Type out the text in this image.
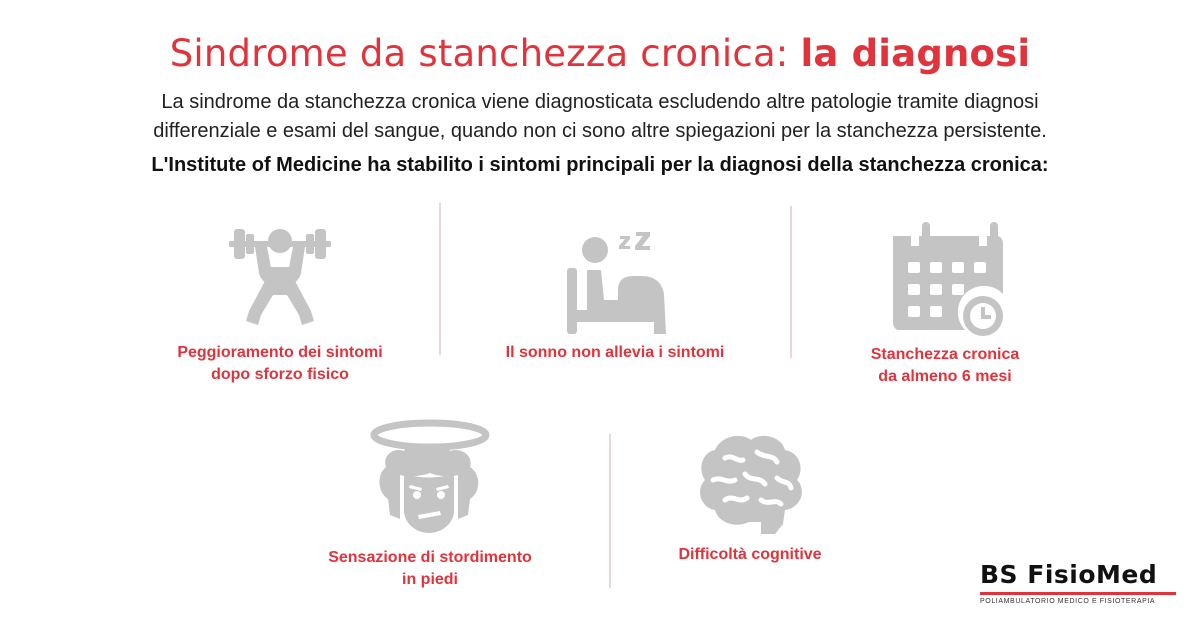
Sindrome da stanchezza cronica: la diagnosi
La sindrome da stanchezza cronica viene diagnosticata escludendo altre patologie tramite diagnosi
differenziale e esami del sangue, quando non ci sono altre spiegazioni per la stanchezza persistente.
L'Institute of Medicine ha stabilito i sintomi principali per la diagnosi della stanchezza cronica:
Peggioramento dei sintomi
dopo sforzo fisico
Il sonno non allevia i sintomi	Stanchezza cronica
da almeno 6 mesi
Sensazione di stordimento
in piedi
Difficoltà cognitive
BS FisioMed
POLIAMBULATORIO MEDICO E FISIOTERAPIA
